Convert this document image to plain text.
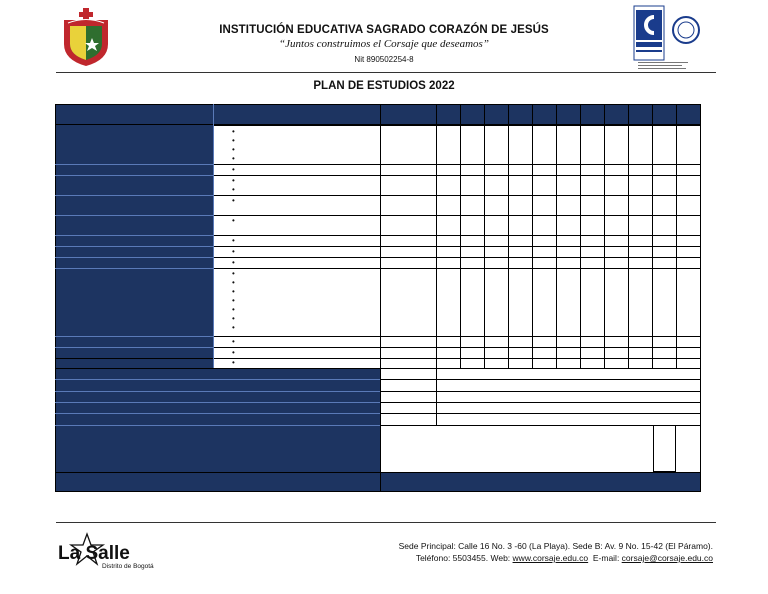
INSTITUCIÓN EDUCATIVA SAGRADO CORAZÓN DE JESÚS
“Juntos construimos el Corsaje que deseamos”
Nit 890502254-8
PLAN DE ESTUDIOS 2022
•
•
•
•
•
•
•
•
•
•
•
•
•
•
•
•
•
•
•
•
•
•
La Salle
Distrito de Bogotá
Sede Principal: Calle 16 No. 3 -60 (La Playa). Sede B: Av. 9 No. 15-42 (El Páramo).
Teléfono: 5503455. Web: www.corsaje.edu.co  E-mail: corsaje@corsaje.edu.co
